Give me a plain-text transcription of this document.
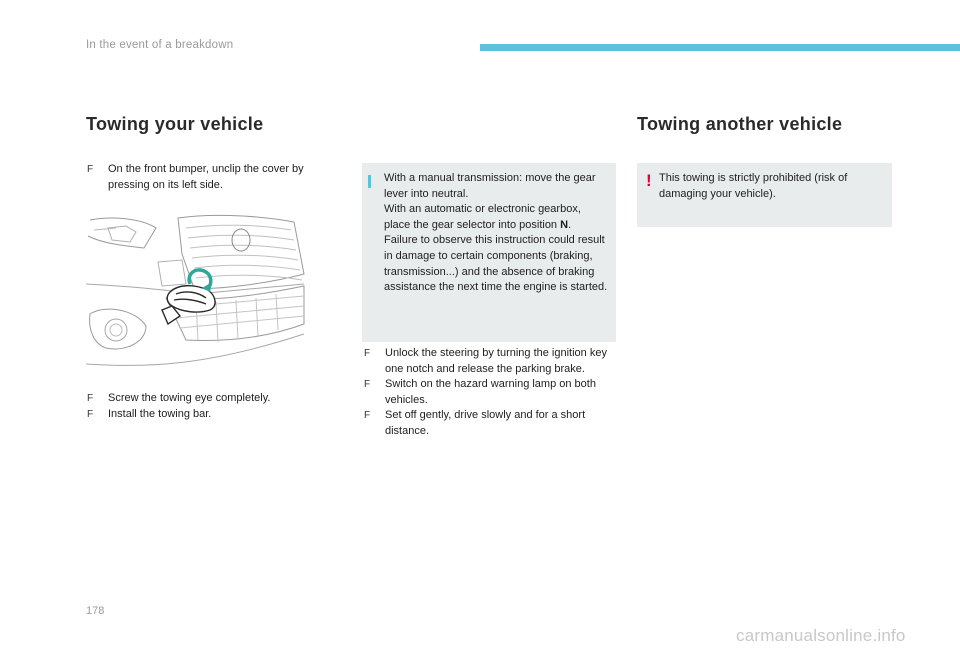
In the event of a breakdown
Towing your vehicle
F On the front bumper, unclip the cover by pressing on its left side.
F Screw the towing eye completely.
F Install the towing bar.
With a manual transmission: move the gear lever into neutral.
With an automatic or electronic gearbox, place the gear selector into position N.
Failure to observe this instruction could result in damage to certain components (braking, transmission...) and the absence of braking assistance the next time the engine is started.
F Unlock the steering by turning the ignition key one notch and release the parking brake.
F Switch on the hazard warning lamp on both vehicles.
F Set off gently, drive slowly and for a short distance.
Towing another vehicle
! This towing is strictly prohibited (risk of damaging your vehicle).
178
carmanualsonline.info
